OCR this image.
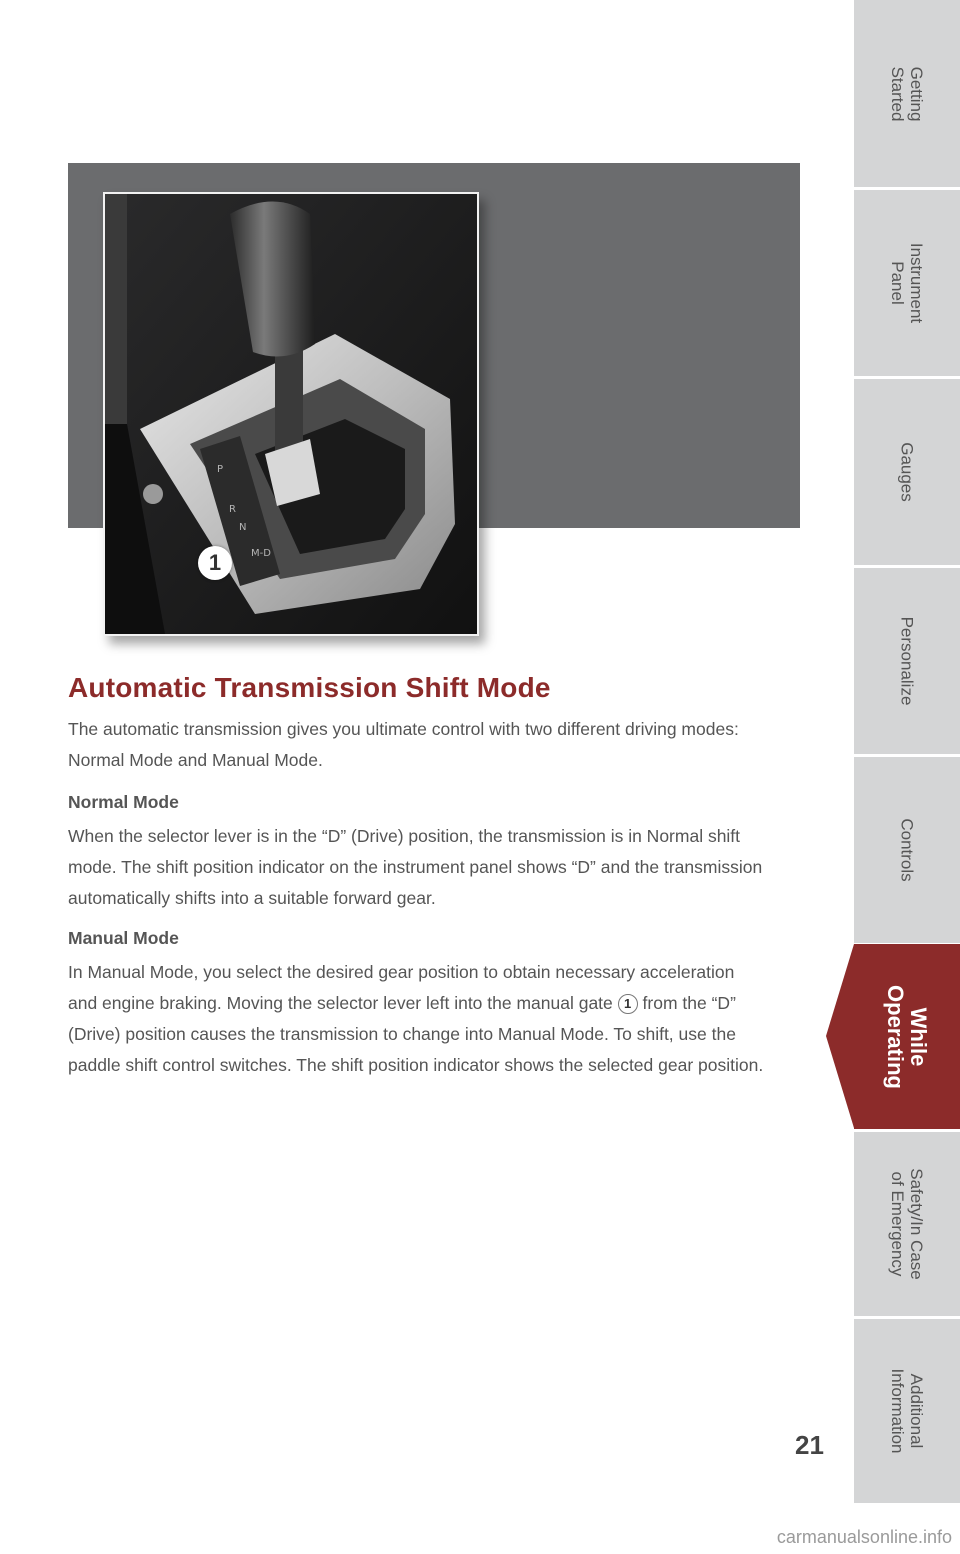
P
R
N
M-D
1
Automatic Transmission Shift Mode

The automatic transmission gives you ultimate control with two different driving modes: Normal Mode and Manual Mode.

Normal Mode

When the selector lever is in the “D” (Drive) position, the transmission is in Normal shift mode. The shift position indicator on the instrument panel shows “D” and the transmission automatically shifts into a suitable forward gear.

Manual Mode

In Manual Mode, you select the desired gear position to obtain necessary acceleration and engine braking. Moving the selector lever left into the manual gate 1 from the “D” (Drive) position causes the transmission to change into Manual Mode. To shift, use the paddle shift control switches. The shift position indicator shows the selected gear position.

21
Getting
Started
Instrument
Panel
Gauges
Personalize
Controls
While
Operating
Safety/In Case
of Emergency
Additional
Information
carmanualsonline.info
